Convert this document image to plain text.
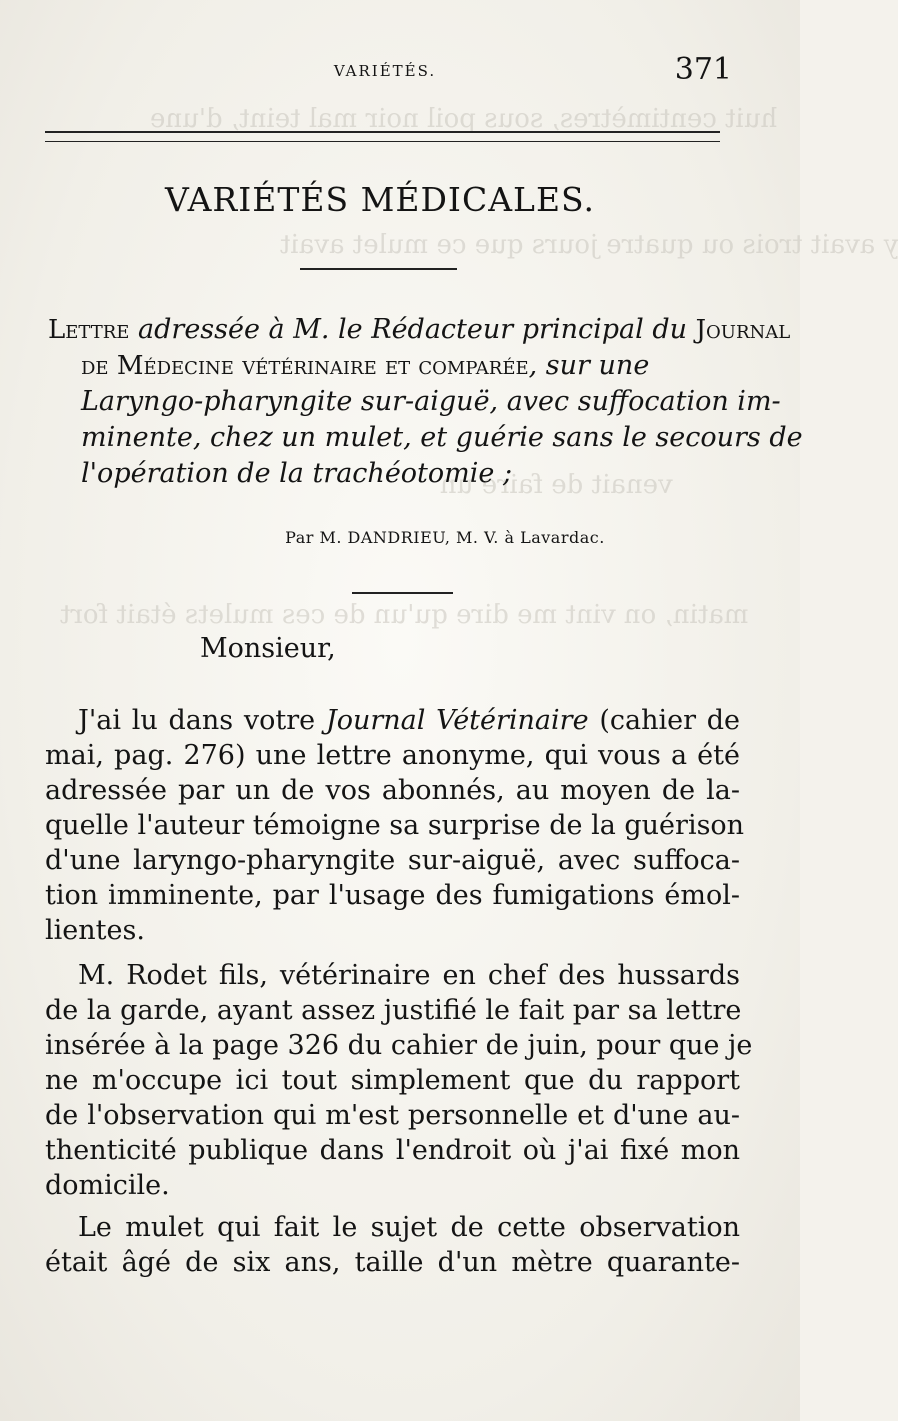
huit centimètres, sous poil noir mal teint, d'une
y avait trois ou quatre jours que ce mulet avait
venait de faire un
matin, on vint me dire qu'un de ces mulets était fort
VARIÉTÉS.	371
VARIÉTÉS MÉDICALES.
Lettre adressée à M. le Rédacteur principal du Journal
de Médecine vétérinaire et comparée, sur une
Laryngo-pharyngite sur-aiguë, avec suffocation im-
minente, chez un mulet, et guérie sans le secours de
l'opération de la trachéotomie ;
Par M. DANDRIEU, M. V. à Lavardac.
Monsieur,
J'ai lu dans votre Journal Vétérinaire (cahier de
mai, pag. 276) une lettre anonyme, qui vous a été
adressée par un de vos abonnés, au moyen de la-
quelle l'auteur témoigne sa surprise de la guérison
d'une laryngo-pharyngite sur-aiguë, avec suffoca-
tion imminente, par l'usage des fumigations émol-
lientes.
M. Rodet fils, vétérinaire en chef des hussards
de la garde, ayant assez justifié le fait par sa lettre
insérée à la page 326 du cahier de juin, pour que je
ne m'occupe ici tout simplement que du rapport
de l'observation qui m'est personnelle et d'une au-
thenticité publique dans l'endroit où j'ai fixé mon
domicile.
Le mulet qui fait le sujet de cette observation
était âgé de six ans, taille d'un mètre quarante-
